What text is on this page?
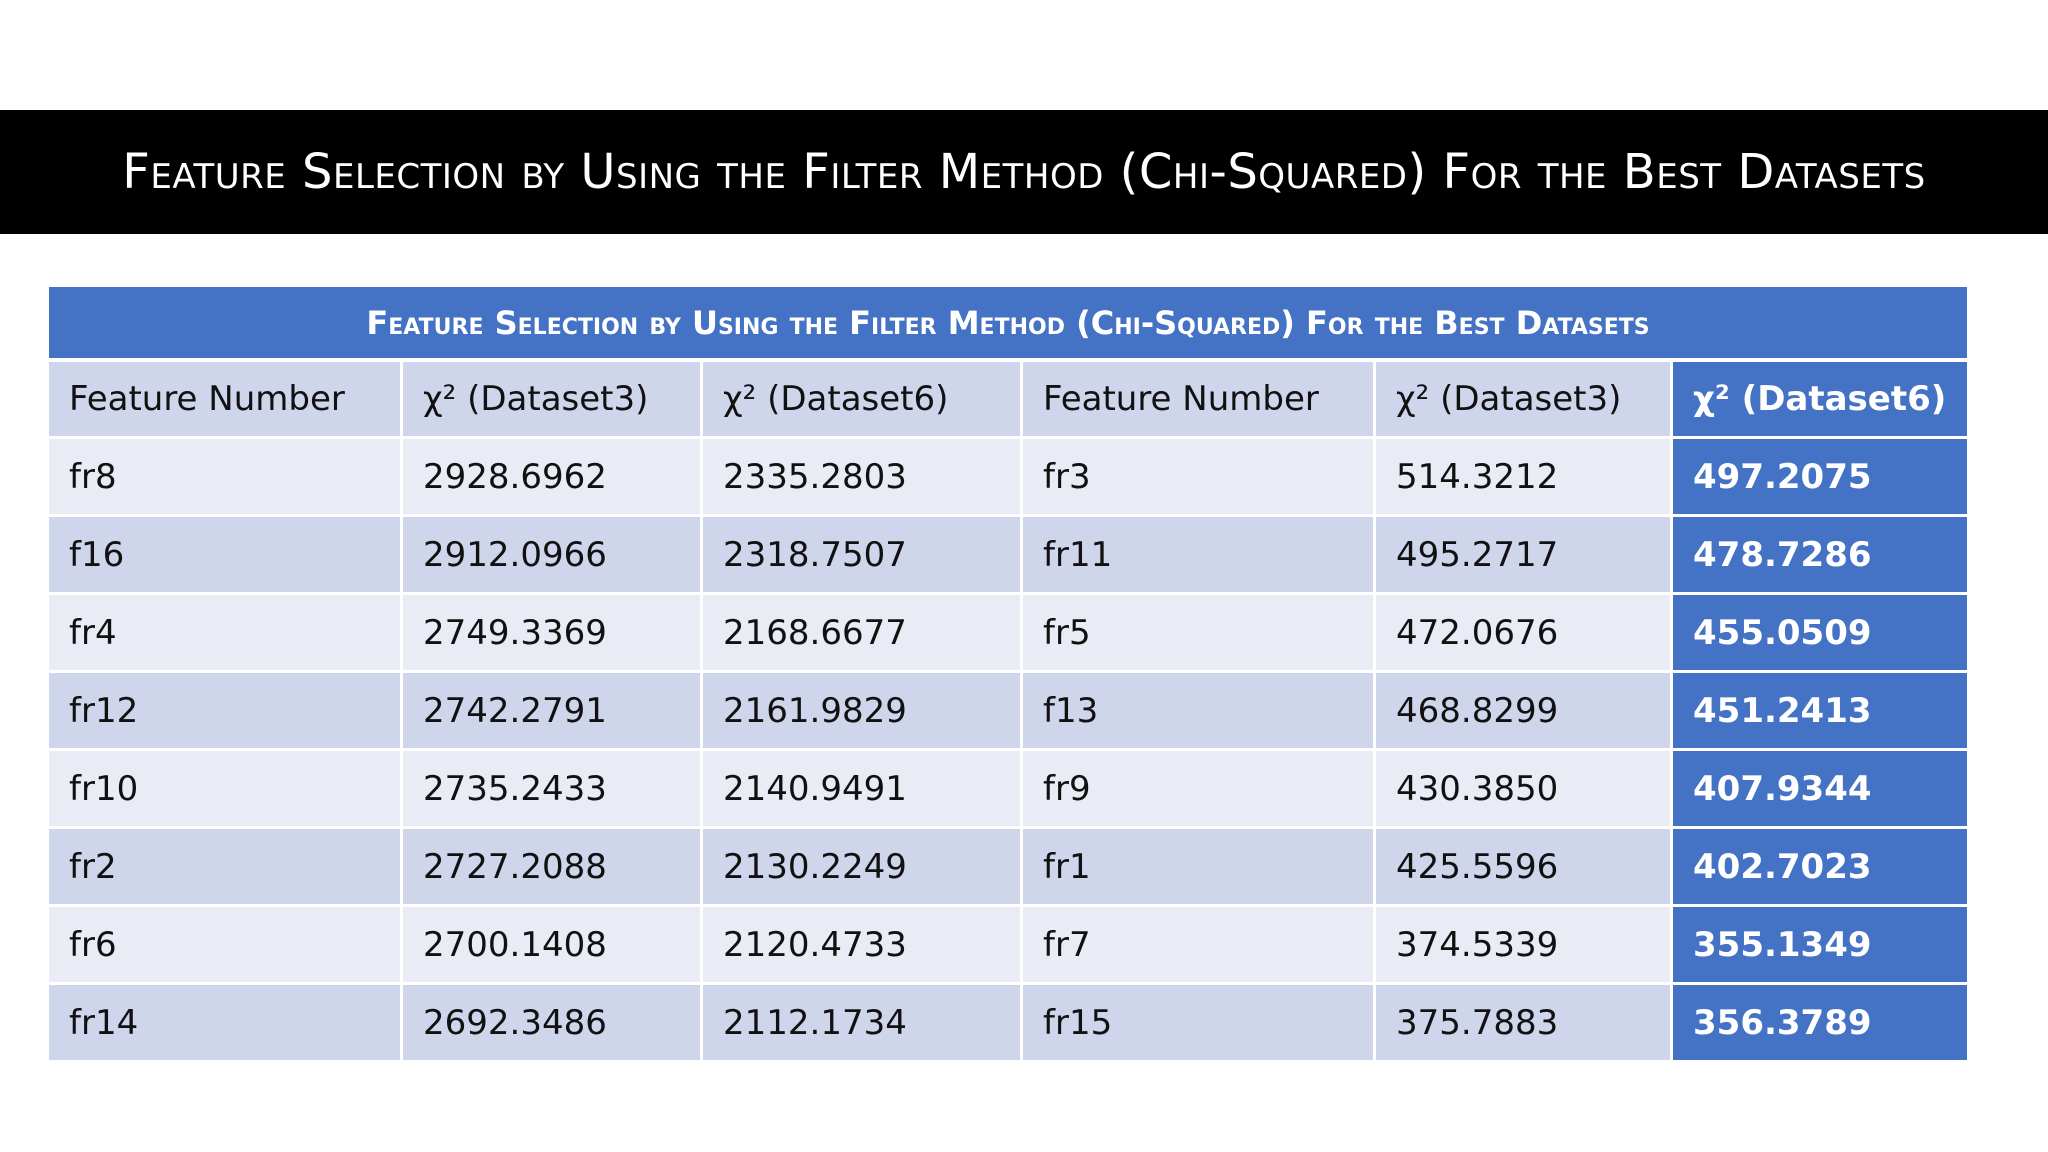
Feature Selection by Using the Filter Method (Chi-Squared) For the Best Datasets
Feature Selection by Using the Filter Method (Chi-Squared) For the Best Datasets					
Feature Number	χ² (Dataset3)	χ² (Dataset6)	Feature Number	χ² (Dataset3)	χ² (Dataset6)
fr8	2928.6962	2335.2803	fr3	514.3212	497.2075
f16	2912.0966	2318.7507	fr11	495.2717	478.7286
fr4	2749.3369	2168.6677	fr5	472.0676	455.0509
fr12	2742.2791	2161.9829	f13	468.8299	451.2413
fr10	2735.2433	2140.9491	fr9	430.3850	407.9344
fr2	2727.2088	2130.2249	fr1	425.5596	402.7023
fr6	2700.1408	2120.4733	fr7	374.5339	355.1349
fr14	2692.3486	2112.1734	fr15	375.7883	356.3789
